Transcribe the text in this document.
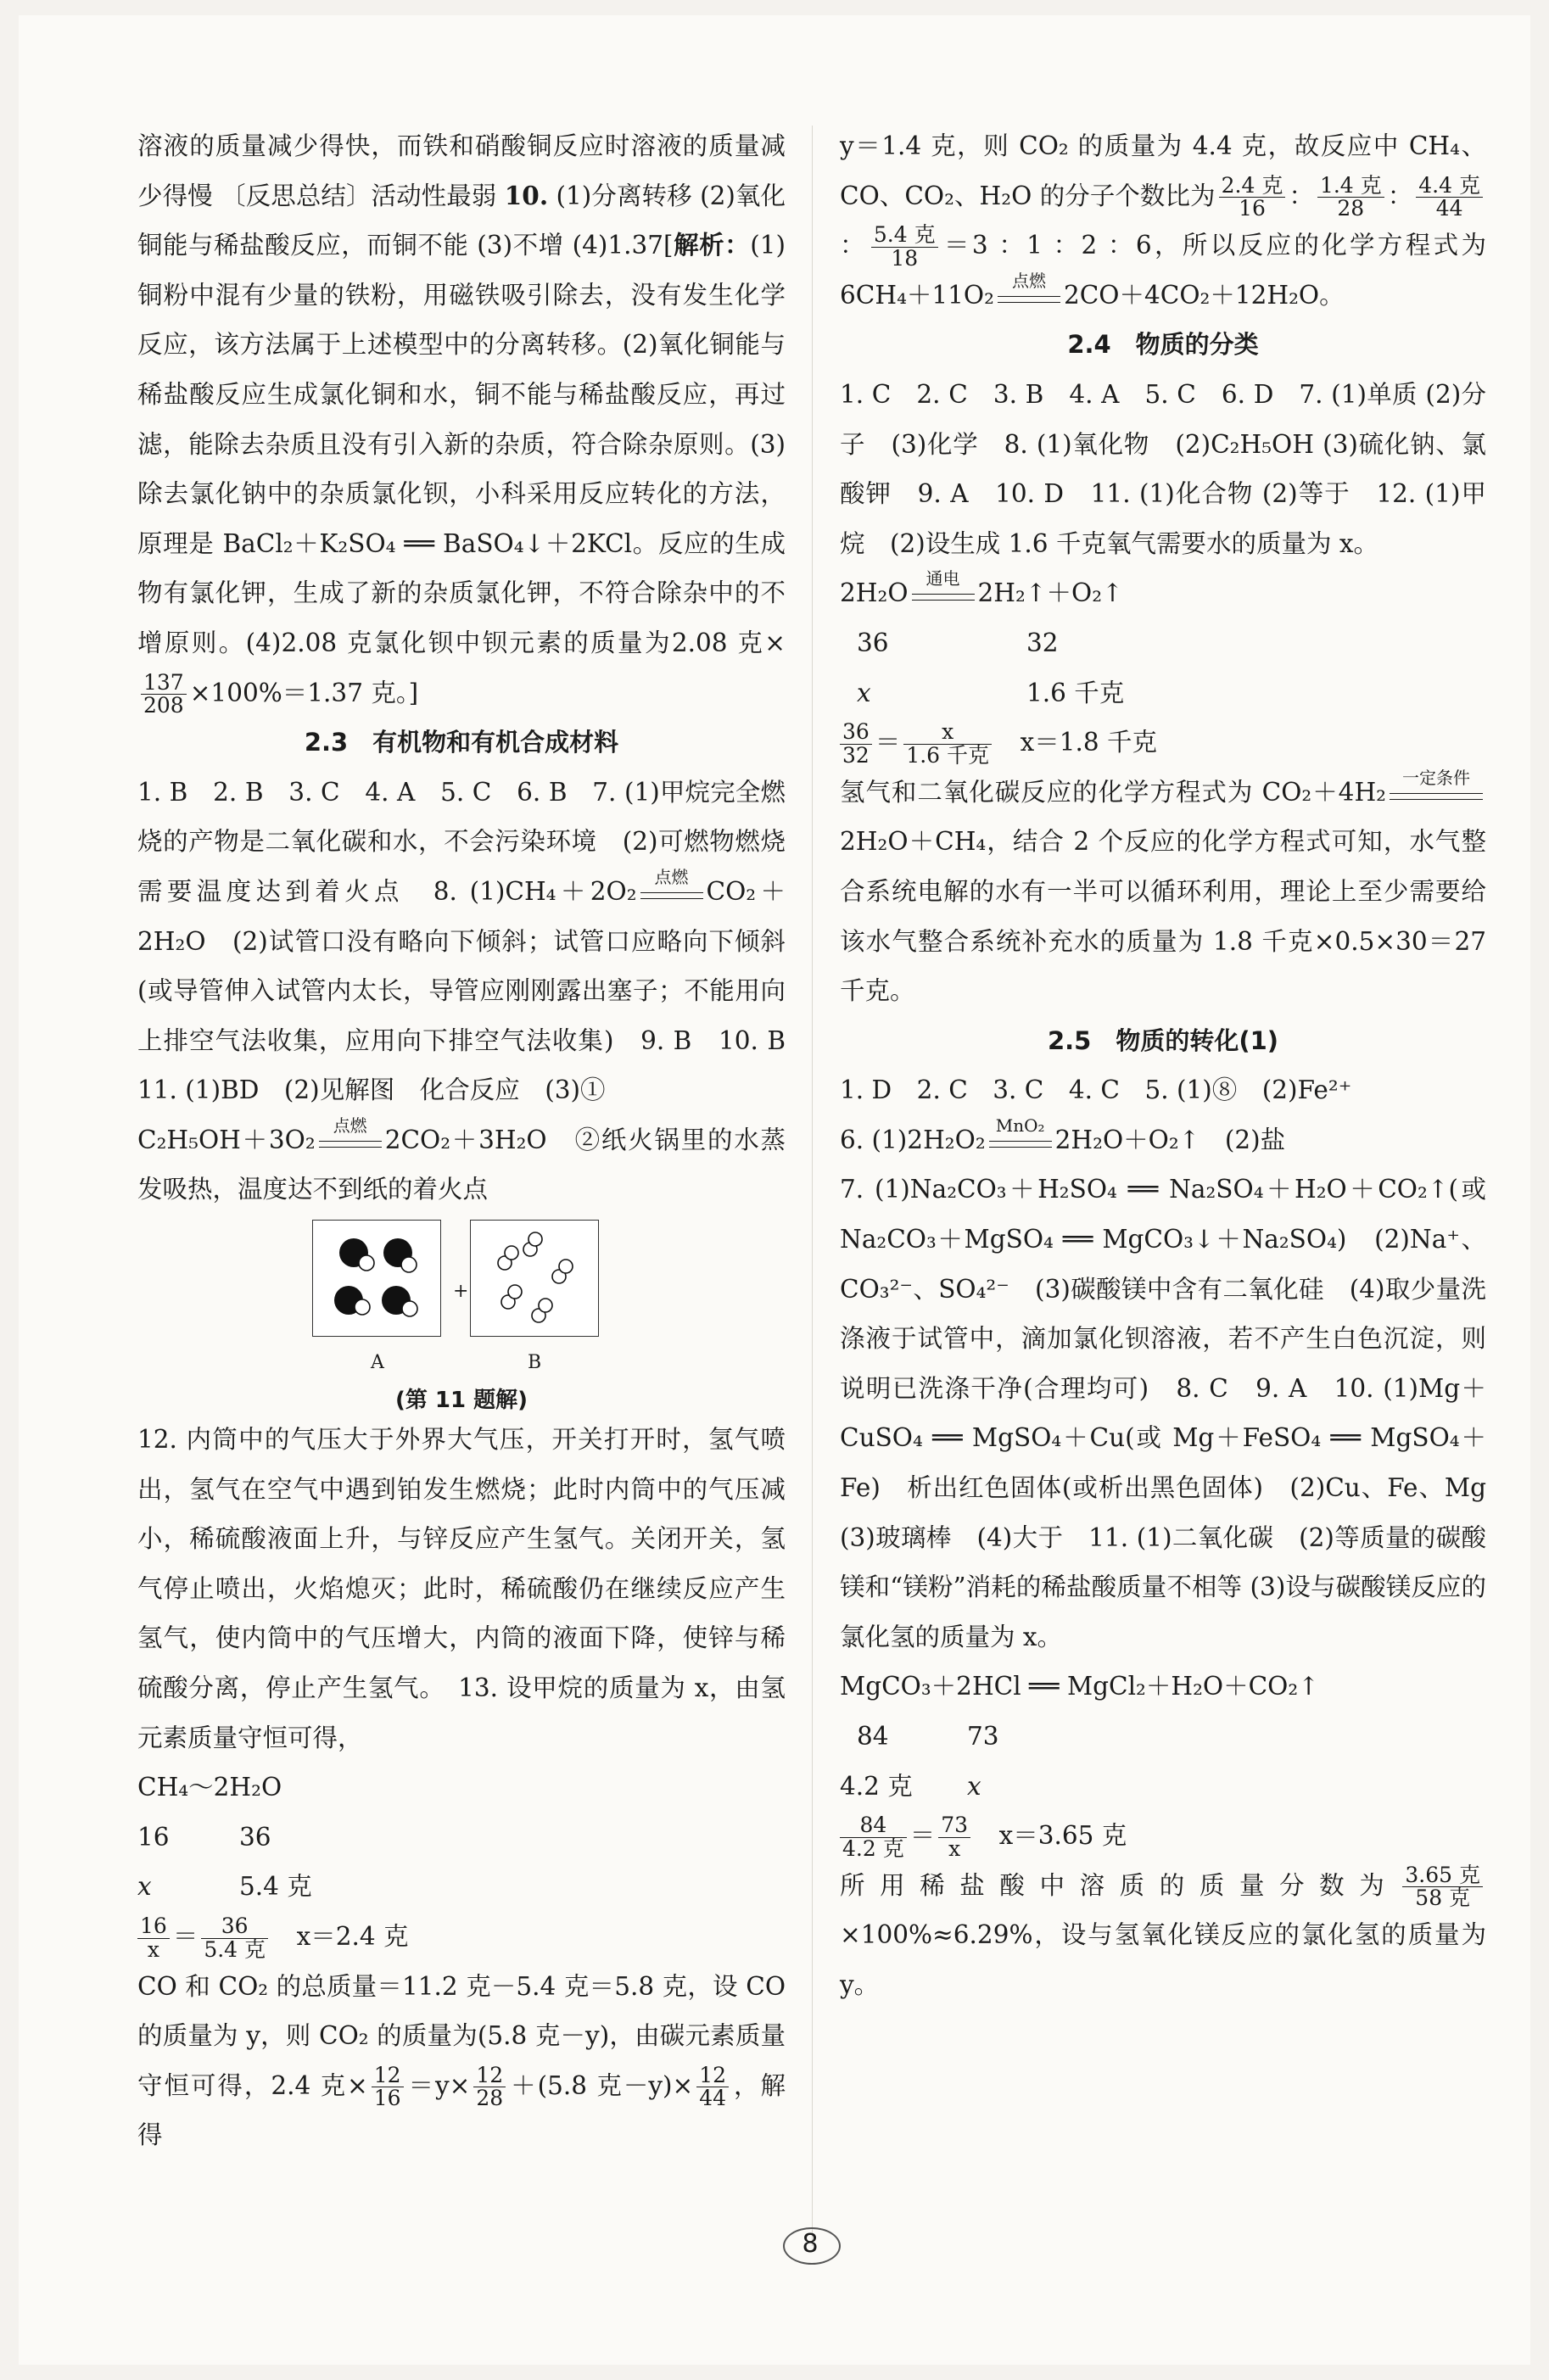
溶液的质量减少得快，而铁和硝酸铜反应时溶液的质量减少得慢 〔反思总结〕活动性最弱 10. (1)分离转移 (2)氧化铜能与稀盐酸反应，而铜不能 (3)不增 (4)1.37[解析：(1)铜粉中混有少量的铁粉，用磁铁吸引除去，没有发生化学反应，该方法属于上述模型中的分离转移。(2)氧化铜能与稀盐酸反应生成氯化铜和水，铜不能与稀盐酸反应，再过滤，能除去杂质且没有引入新的杂质，符合除杂原则。(3)除去氯化钠中的杂质氯化钡，小科采用反应转化的方法，原理是 BaCl₂＋K₂SO₄ ══ BaSO₄↓＋2KCl。反应的生成物有氯化钾，生成了新的杂质氯化钾，不符合除杂中的不增原则。(4)2.08 克氯化钡中钡元素的质量为2.08 克×
$\frac{137}{208} \times 100\%=1.37$ 克。]
2.3　有机物和有机合成材料
1. B　2. B　3. C　4. A　5. C　6. B　7. (1)甲烷完全燃烧的产物是二氧化碳和水，不会污染环境　(2)可燃物燃烧需要温度达到着火点　8. (1)CH₄＋2O₂	点燃 CO₂＋2H₂O　(2)试管口没有略向下倾斜；试管口应略向下倾斜(或导管伸入试管内太长，导管应刚刚露出塞子；不能用向上排空气法收集，应用向下排空气法收集)　9. B　10. B　11. (1)BD　(2)见解图　化合反应　(3)①
C₂H₅OH＋3O₂	点燃 2CO₂＋3H₂O　②纸火锅里的水蒸发吸热，温度达不到纸的着火点
+
A	B
(第 11 题解)
12. 内筒中的气压大于外界大气压，开关打开时，氢气喷出，氢气在空气中遇到铂发生燃烧；此时内筒中的气压减小，稀硫酸液面上升，与锌反应产生氢气。关闭开关，氢气停止喷出，火焰熄灭；此时，稀硫酸仍在继续反应产生氢气，使内筒中的气压增大，内筒的液面下降，使锌与稀硫酸分离，停止产生氢气。　13. 设甲烷的质量为 x，由氢元素质量守恒可得，
CH₄～2H₂O
16	36
x	5.4 克
$\frac{16}{x} = \frac{36}{\text{5.4 克}}$
　 x＝2.4 克
CO 和 CO₂ 的总质量＝11.2 克－5.4 克＝5.8 克，设 CO 的质量为 y，则 CO₂ 的质量为(5.8 克－y)，由碳元素质量守恒可得，2.4 克× $\frac{12}{16} =y\times \frac{12}{28} +(5.8$ 克$-y)\times \frac{12}{44}$ ，解得
y＝1.4 克，则 CO₂ 的质量为 4.4 克，故反应中 CH₄、CO、CO₂、H₂O 的分子个数比为 $\frac{\text{2.4 克}}{16}$ ： $\frac{\text{1.4 克}}{28}$ ： $\frac{\text{4.4 克}}{44}$
： $\frac{\text{5.4 克}}{18} =3$ ：1 ：2 ：6，所以反应的化学方程式为 6CH₄＋11O₂	点燃 2CO＋4CO₂＋12H₂O。
2.4　物质的分类
1. C　2. C　3. B　4. A　5. C　6. D　7. (1)单质 (2)分子　(3)化学　8. (1)氧化物　(2)C₂H₅OH (3)硫化钠、氯酸钾　9. A　10. D　11. (1)化合物 (2)等于　12. (1)甲烷　(2)设生成 1.6 千克氧气需要水的质量为 x。
2H₂O	通电 2H₂↑＋O₂↑
36	32
x	1.6 千克
$\frac{36}{32} = \frac{x}{\text{1.6 千克}}$
　 x＝1.8 千克
氢气和二氧化碳反应的化学方程式为 CO₂＋4H₂ 一定条件
2H₂O＋CH₄，结合 2 个反应的化学方程式可知，水气整合系统电解的水有一半可以循环利用，理论上至少需要给该水气整合系统补充水的质量为 1.8 千克×0.5×30＝27 千克。
2.5　物质的转化(1)
1. D　2. C　3. C　4. C　5. (1)⑧　(2)Fe²⁺
6. (1)2H₂O₂ MnO₂ 2H₂O＋O₂↑　(2)盐
7. (1)Na₂CO₃＋H₂SO₄ ══ Na₂SO₄＋H₂O＋CO₂↑(或 Na₂CO₃＋MgSO₄ ══ MgCO₃↓＋Na₂SO₄)　(2)Na⁺、CO₃²⁻、SO₄²⁻　(3)碳酸镁中含有二氧化硅　(4)取少量洗涤液于试管中，滴加氯化钡溶液，若不产生白色沉淀，则说明已洗涤干净(合理均可)　8. C　9. A　10. (1)Mg＋CuSO₄ ══ MgSO₄＋Cu(或 Mg＋FeSO₄ ══ MgSO₄＋Fe)　析出红色固体(或析出黑色固体)　(2)Cu、Fe、Mg　(3)玻璃棒　(4)大于　11. (1)二氧化碳　(2)等质量的碳酸镁和“镁粉”消耗的稀盐酸质量不相等 (3)设与碳酸镁反应的氯化氢的质量为 x。
MgCO₃＋2HCl ══ MgCl₂＋H₂O＋CO₂↑
84	73
4.2 克 x
$\frac{84}{\text{4.2 克}} = \frac{73}{x}$
　 x＝3.65 克
所用稀盐酸中溶质的质量分数为 $\frac{\text{3.65 克}}{\text{58 克}}$
×100%≈6.29%，设与氢氧化镁反应的氯化氢的质量为 y。
8
